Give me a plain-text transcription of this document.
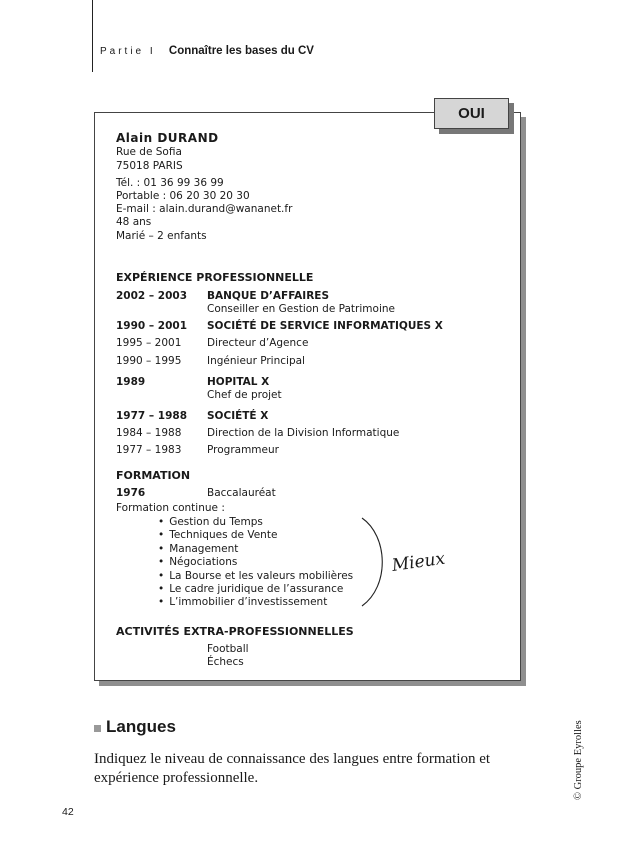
Partie I Connaître les bases du CV
OUI
Alain DURAND
Rue de Sofia
75018 PARIS
Tél. : 01 36 99 36 99
Portable : 06 20 30 20 30
E-mail : alain.durand@wananet.fr
48 ans
Marié – 2 enfants
EXPÉRIENCE PROFESSIONNELLE
2002 – 2003 BANQUE D’AFFAIRES
Conseiller en Gestion de Patrimoine
1990 – 2001 SOCIÉTÉ DE SERVICE INFORMATIQUES X
1995 – 2001 Directeur d’Agence
1990 – 1995 Ingénieur Principal
1989	HOPITAL X
Chef de projet
1977 – 1988 SOCIÉTÉ X
1984 – 1988 Direction de la Division Informatique
1977 – 1983 Programmeur
FORMATION
1976	Baccalauréat
Formation continue :
• Gestion du Temps
• Techniques de Vente
• Management
• Négociations
• La Bourse et les valeurs mobilières
• Le cadre juridique de l’assurance
• L’immobilier d’investissement
Mieux
ACTIVITÉS EXTRA-PROFESSIONNELLES
Football
Échecs
Langues
Indiquez le niveau de connaissance des langues entre formation et expérience professionnelle.	© Groupe Eyrolles
42
